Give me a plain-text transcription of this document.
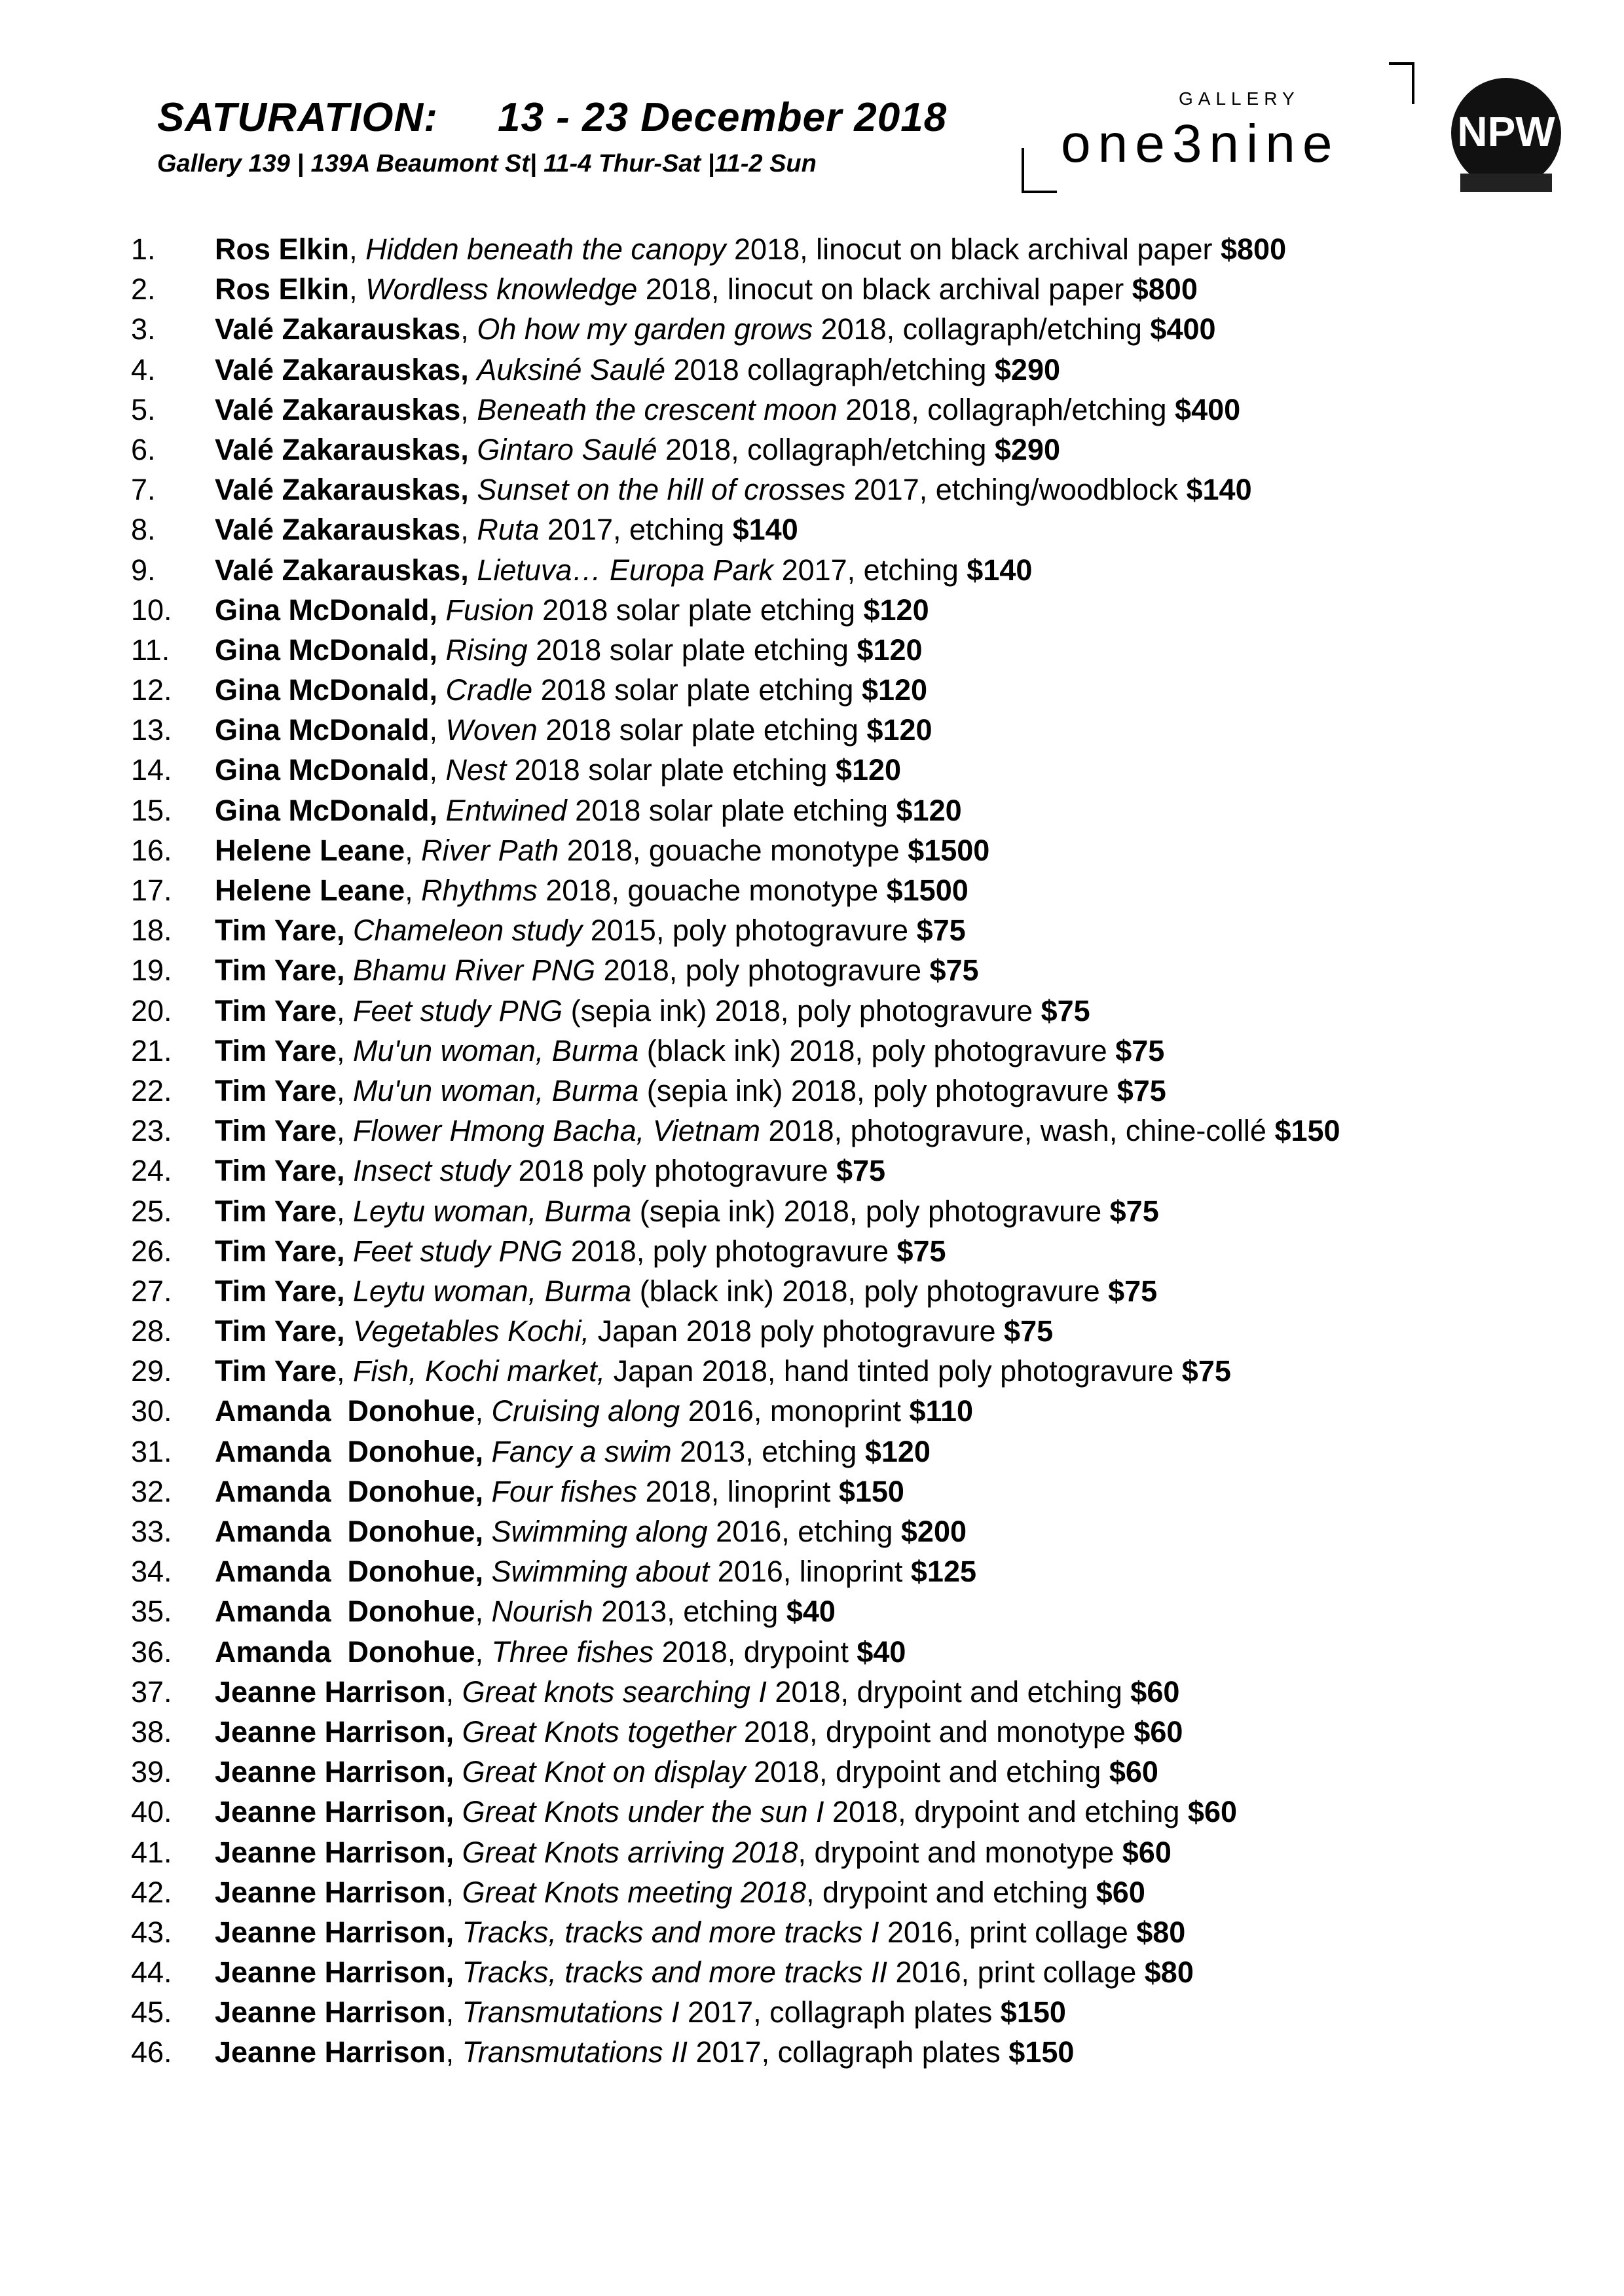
SATURATION:     13 - 23 December 2018
Gallery 139 | 139A Beaumont St| 11-4 Thur-Sat |11-2 Sun
GALLERY
one3nine	NPW
1.	Ros Elkin, Hidden beneath the canopy 2018, linocut on black archival paper $800
2.	Ros Elkin, Wordless knowledge 2018, linocut on black archival paper $800
3.	Valé Zakarauskas, Oh how my garden grows 2018, collagraph/etching $400
4.	Valé Zakarauskas, Auksiné Saulé 2018 collagraph/etching $290
5.	Valé Zakarauskas, Beneath the crescent moon 2018, collagraph/etching $400
6.	Valé Zakarauskas, Gintaro Saulé 2018, collagraph/etching $290
7.	Valé Zakarauskas, Sunset on the hill of crosses 2017, etching/woodblock $140
8.	Valé Zakarauskas, Ruta 2017, etching $140
9.	Valé Zakarauskas, Lietuva… Europa Park 2017, etching $140
10.	Gina McDonald, Fusion 2018 solar plate etching $120
11.	Gina McDonald, Rising 2018 solar plate etching $120
12.	Gina McDonald, Cradle 2018 solar plate etching $120
13.	Gina McDonald, Woven 2018 solar plate etching $120
14.	Gina McDonald, Nest 2018 solar plate etching $120
15.	Gina McDonald, Entwined 2018 solar plate etching $120
16.	Helene Leane, River Path 2018, gouache monotype $1500
17.	Helene Leane, Rhythms 2018, gouache monotype $1500
18.	Tim Yare, Chameleon study 2015, poly photogravure $75
19.	Tim Yare, Bhamu River PNG 2018, poly photogravure $75
20.	Tim Yare, Feet study PNG (sepia ink) 2018, poly photogravure $75
21.	Tim Yare, Mu'un woman, Burma (black ink) 2018, poly photogravure $75
22.	Tim Yare, Mu'un woman, Burma (sepia ink) 2018, poly photogravure $75
23.	Tim Yare, Flower Hmong Bacha, Vietnam 2018, photogravure, wash, chine-collé $150
24.	Tim Yare, Insect study 2018 poly photogravure $75
25.	Tim Yare, Leytu woman, Burma (sepia ink) 2018, poly photogravure $75
26.	Tim Yare, Feet study PNG 2018, poly photogravure $75
27.	Tim Yare, Leytu woman, Burma (black ink) 2018, poly photogravure $75
28.	Tim Yare, Vegetables Kochi, Japan 2018 poly photogravure $75
29.	Tim Yare, Fish, Kochi market, Japan 2018, hand tinted poly photogravure $75
30.	Amanda  Donohue, Cruising along 2016, monoprint $110
31.	Amanda  Donohue, Fancy a swim 2013, etching $120
32.	Amanda  Donohue, Four fishes 2018, linoprint $150
33.	Amanda  Donohue, Swimming along 2016, etching $200
34.	Amanda  Donohue, Swimming about 2016, linoprint $125
35.	Amanda  Donohue, Nourish 2013, etching $40
36.	Amanda  Donohue, Three fishes 2018, drypoint $40
37.	Jeanne Harrison, Great knots searching I 2018, drypoint and etching $60
38.	Jeanne Harrison, Great Knots together 2018, drypoint and monotype $60
39.	Jeanne Harrison, Great Knot on display 2018, drypoint and etching $60
40.	Jeanne Harrison, Great Knots under the sun I 2018, drypoint and etching $60
41.	Jeanne Harrison, Great Knots arriving 2018, drypoint and monotype $60
42.	Jeanne Harrison, Great Knots meeting 2018, drypoint and etching $60
43.	Jeanne Harrison, Tracks, tracks and more tracks I 2016, print collage $80
44.	Jeanne Harrison, Tracks, tracks and more tracks II 2016, print collage $80
45.	Jeanne Harrison, Transmutations I 2017, collagraph plates $150
46.	Jeanne Harrison, Transmutations II 2017, collagraph plates $150
